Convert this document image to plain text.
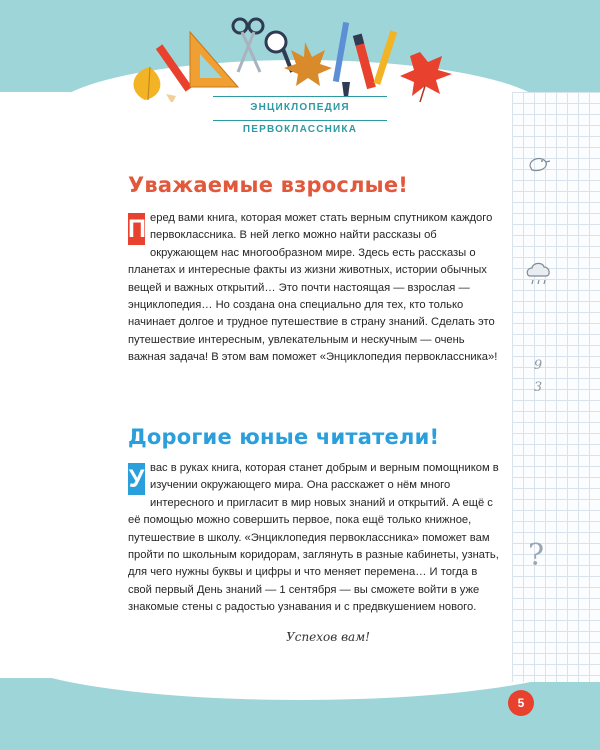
ЭНЦИКЛОПЕДИЯ ПЕРВОКЛАССНИКА
Уважаемые взрослые!

П еред вами книга, которая может стать верным спутником каждого первоклассника. В ней легко можно найти рассказы об окружающем нас многообразном мире. Здесь есть рассказы о планетах и интересные факты из жизни животных, истории обычных вещей и важных открытий… Это почти настоящая — взрослая — энциклопедия… Но создана она специально для тех, кто только начинает долгое и трудное путешествие в страну знаний. Сделать это путешествие интересным, увлекательным и нескучным — очень важная задача! В этом вам поможет «Энциклопедия первоклассника»!

Дорогие юные читатели!

У вас в руках книга, которая станет добрым и верным помощником в изучении окружающего мира. Она расскажет о нём много интересного и пригласит в мир новых знаний и открытий. А ещё с её помощью можно совершить первое, пока ещё только книжное, путешествие в школу. «Энциклопедия первоклассника» поможет вам пройти по школьным коридорам, заглянуть в разные кабинеты, узнать, для чего нужны буквы и цифры и что меняет перемена… И тогда в свой первый День знаний — 1 сентября — вы сможете войти в уже знакомые стены с радостью узнавания и с предвкушением нового.

Успехов вам!
9
3
?
5
